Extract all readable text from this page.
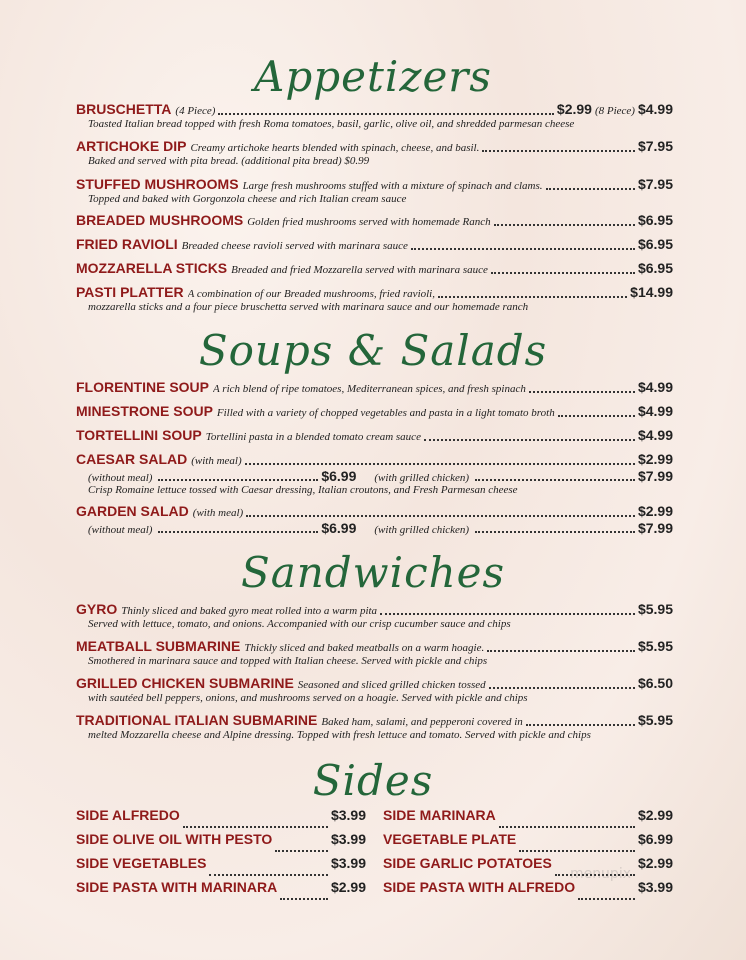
Appetizers
BRUSCHETTA (4 Piece)	$2.99 (8 Piece) $4.99
Toasted Italian bread topped with fresh Roma tomatoes, basil, garlic, olive oil, and shredded parmesan cheese
ARTICHOKE DIP Creamy artichoke hearts blended with spinach, cheese, and basil.	$7.95
Baked and served with pita bread. (additional pita bread) $0.99
STUFFED MUSHROOMS Large fresh mushrooms stuffed with a mixture of spinach and clams.	$7.95
Topped and baked with Gorgonzola cheese and rich Italian cream sauce
BREADED MUSHROOMS Golden fried mushrooms served with homemade Ranch	$6.95
FRIED RAVIOLI Breaded cheese ravioli served with marinara sauce	$6.95
MOZZARELLA STICKS Breaded and fried Mozzarella served with marinara sauce	$6.95
PASTI PLATTER A combination of our Breaded mushrooms, fried ravioli,	$14.99
mozzarella sticks and a four piece bruschetta served with marinara sauce and our homemade ranch
Soups & Salads
FLORENTINE SOUP A rich blend of ripe tomatoes, Mediterranean spices, and fresh spinach	$4.99
MINESTRONE SOUP Filled with a variety of chopped vegetables and pasta in a light tomato broth	$4.99
TORTELLINI SOUP Tortellini pasta in a blended tomato cream sauce	$4.99
CAESAR SALAD (with meal)	$2.99
(without meal)	$6.99 (with grilled chicken)	$7.99
Crisp Romaine lettuce tossed with Caesar dressing, Italian croutons, and Fresh Parmesan cheese
GARDEN SALAD (with meal)	$2.99
(without meal)	$6.99 (with grilled chicken)	$7.99
Sandwiches
GYRO Thinly sliced and baked gyro meat rolled into a warm pita	$5.95
Served with lettuce, tomato, and onions. Accompanied with our crisp cucumber sauce and chips
MEATBALL SUBMARINE Thickly sliced and baked meatballs on a warm hoagie.	$5.95
Smothered in marinara sauce and topped with Italian cheese. Served with pickle and chips
GRILLED CHICKEN SUBMARINE Seasoned and sliced grilled chicken tossed	$6.50
with sautéed bell peppers, onions, and mushrooms served on a hoagie. Served with pickle and chips
TRADITIONAL ITALIAN SUBMARINE Baked ham, salami, and pepperoni covered in	$5.95
melted Mozzarella cheese and Alpine dressing. Topped with fresh lettuce and tomato. Served with pickle and chips
Sides
SIDE ALFREDO	$3.99
SIDE OLIVE OIL WITH PESTO	$3.99
SIDE VEGETABLES	$3.99
SIDE PASTA WITH MARINARA	$2.99
SIDE MARINARA	$2.99
VEGETABLE PLATE	$6.99
SIDE GARLIC POTATOES	$2.99
SIDE PASTA WITH ALFREDO	$3.99
menupix
